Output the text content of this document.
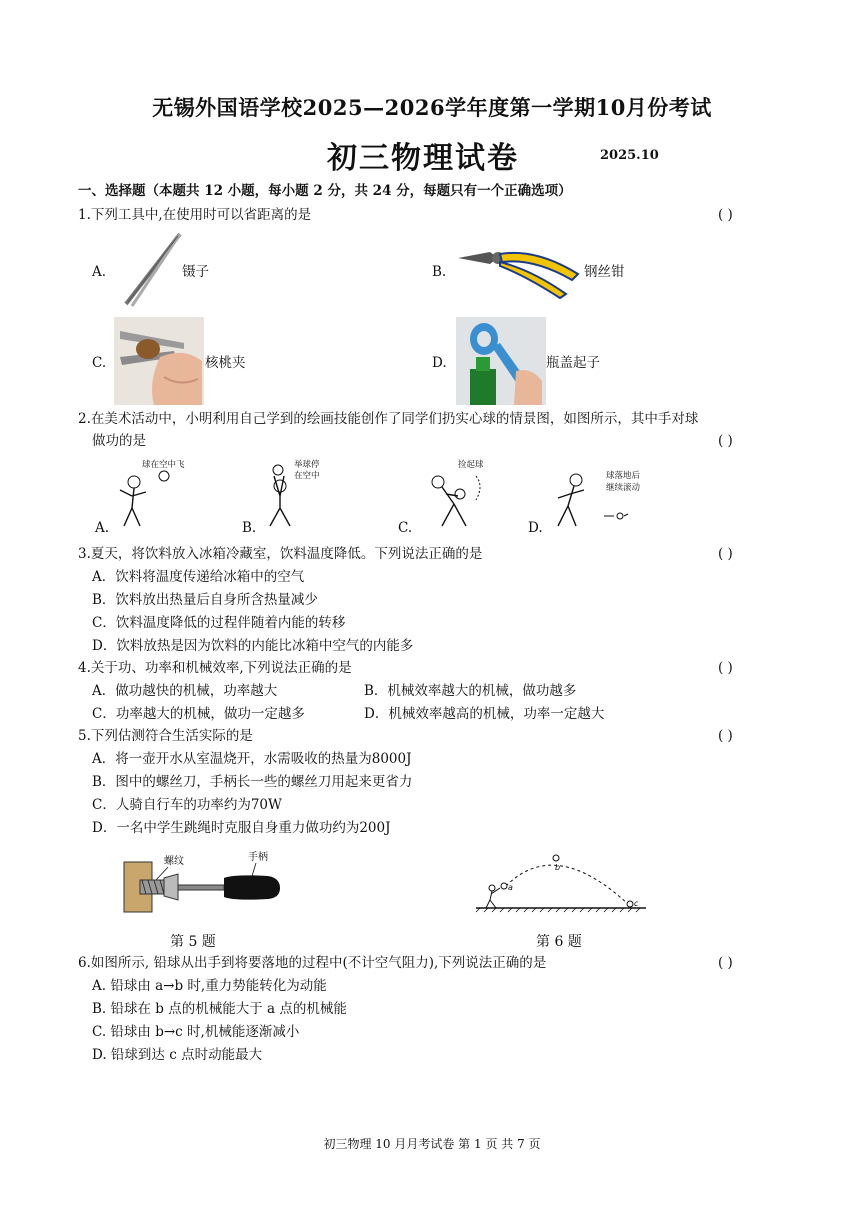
无锡外国语学校2025—2026学年度第一学期10月份考试
初三物理试卷	2025.10
一、选择题（本题共 12 小题，每小题 2 分，共 24 分，每题只有一个正确选项）
1.下列工具中,在使用时可以省距离的是	( )
A.	镊子	B.	钢丝钳
C.	核桃夹	D.	瓶盖起子
2.在美术活动中，小明利用自己学到的绘画技能创作了同学们扔实心球的情景图，如图所示，其中手对球
做功的是	( )
A.
球在空中飞
B.
举球停
在空中
C.
捡起球
D.
球落地后
继续滚动
3.夏天，将饮料放入冰箱冷藏室，饮料温度降低。下列说法正确的是	( )
A．饮料将温度传递给冰箱中的空气
B．饮料放出热量后自身所含热量减少
C．饮料温度降低的过程伴随着内能的转移
D．饮料放热是因为饮料的内能比冰箱中空气的内能多
4.关于功、功率和机械效率,下列说法正确的是	( )
A．做功越快的机械，功率越大	B．机械效率越大的机械，做功越多
C．功率越大的机械，做功一定越多	D．机械效率越高的机械，功率一定越大
5.下列估测符合生活实际的是	( )
A．将一壶开水从室温烧开，水需吸收的热量为8000J
B．图中的螺丝刀，手柄长一些的螺丝刀用起来更省力
C．人骑自行车的功率约为70W
D．一名中学生跳绳时克服自身重力做功约为200J
螺纹	手柄
第 5 题
a
b
c
第 6 题
6.如图所示, 铅球从出手到将要落地的过程中(不计空气阻力),下列说法正确的是	( )
A. 铅球由 a→b 时,重力势能转化为动能
B. 铅球在 b 点的机械能大于 a 点的机械能
C. 铅球由 b→c 时,机械能逐渐减小
D. 铅球到达 c 点时动能最大
初三物理 10 月月考试卷 第 1 页 共 7 页
